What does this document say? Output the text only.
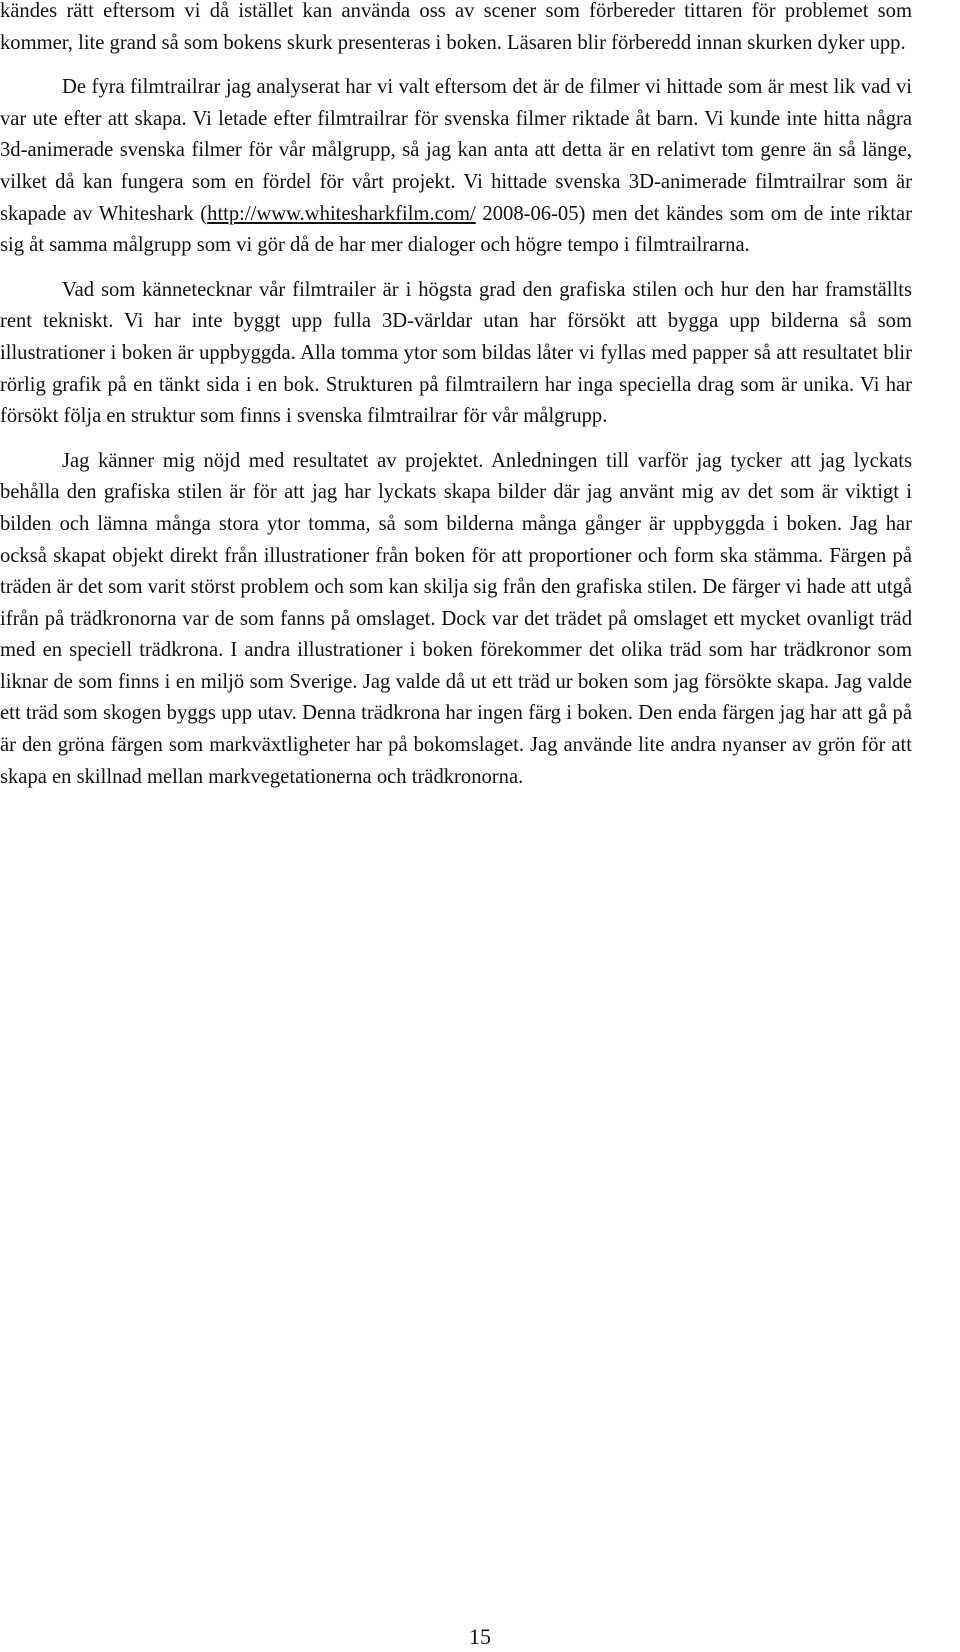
kändes rätt eftersom vi då istället kan använda oss av scener som förbereder tittaren för problemet som kommer, lite grand så som bokens skurk presenteras i boken. Läsaren blir förberedd innan skurken dyker upp.

De fyra filmtrailrar jag analyserat har vi valt eftersom det är de filmer vi hittade som är mest lik vad vi var ute efter att skapa. Vi letade efter filmtrailrar för svenska filmer riktade åt barn. Vi kunde inte hitta några 3d-animerade svenska filmer för vår målgrupp, så jag kan anta att detta är en relativt tom genre än så länge, vilket då kan fungera som en fördel för vårt projekt. Vi hittade svenska 3D-animerade filmtrailrar som är skapade av Whiteshark (http://www.whitesharkfilm.com/ 2008-06-05) men det kändes som om de inte riktar sig åt samma målgrupp som vi gör då de har mer dialoger och högre tempo i filmtrailrarna.

Vad som kännetecknar vår filmtrailer är i högsta grad den grafiska stilen och hur den har framställts rent tekniskt. Vi har inte byggt upp fulla 3D-världar utan har försökt att bygga upp bilderna så som illustrationer i boken är uppbyggda. Alla tomma ytor som bildas låter vi fyllas med papper så att resultatet blir rörlig grafik på en tänkt sida i en bok. Strukturen på filmtrailern har inga speciella drag som är unika. Vi har försökt följa en struktur som finns i svenska filmtrailrar för vår målgrupp.

Jag känner mig nöjd med resultatet av projektet. Anledningen till varför jag tycker att jag lyckats behålla den grafiska stilen är för att jag har lyckats skapa bilder där jag använt mig av det som är viktigt i bilden och lämna många stora ytor tomma, så som bilderna många gånger är uppbyggda i boken. Jag har också skapat objekt direkt från illustrationer från boken för att proportioner och form ska stämma. Färgen på träden är det som varit störst problem och som kan skilja sig från den grafiska stilen. De färger vi hade att utgå ifrån på trädkronorna var de som fanns på omslaget. Dock var det trädet på omslaget ett mycket ovanligt träd med en speciell trädkrona. I andra illustrationer i boken förekommer det olika träd som har trädkronor som liknar de som finns i en miljö som Sverige. Jag valde då ut ett träd ur boken som jag försökte skapa. Jag valde ett träd som skogen byggs upp utav. Denna trädkrona har ingen färg i boken. Den enda färgen jag har att gå på är den gröna färgen som markväxtligheter har på bokomslaget. Jag använde lite andra nyanser av grön för att skapa en skillnad mellan markvegetationerna och trädkronorna.

15
